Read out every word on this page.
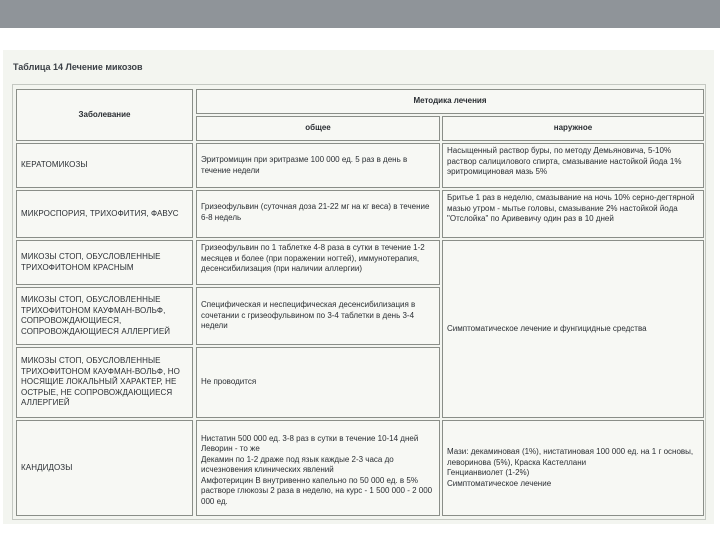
Таблица 14 Лечение микозов
Заболевание
Методика лечения
общее	наружное
КЕРАТОМИКОЗЫ
Эритромицин при эритразме 100 000 ед. 5 раз в день в течение недели
Насыщенный раствор буры, по методу Демьяновича, 5-10% раствор салицилового спирта, смазывание настойкой йода 1% эритромициновая мазь 5%
МИКРОСПОРИЯ, ТРИХОФИТИЯ, ФАВУС
Гризеофульвин (суточная доза 21-22 мг на кг веса) в течение 6-8 недель
Бритье 1 раз в неделю, смазывание на ночь 10% серно-дегтярной мазью утром - мытье головы, смазывание 2% настойкой йода "Отслойка" по Аривевичу один раз в 10 дней
МИКОЗЫ СТОП, ОБУСЛОВЛЕННЫЕ ТРИХОФИТОНОМ КРАСНЫМ
Гризеофульвин по 1 таблетке 4-8 раза в сутки в течение 1-2 месяцев и более (при поражении ногтей), иммунотерапия, десенсибилизация (при наличии аллергии)
МИКОЗЫ СТОП, ОБУСЛОВЛЕННЫЕ ТРИХОФИТОНОМ КАУФМАН-ВОЛЬФ, СОПРОВОЖДАЮЩИЕСЯ, СОПРОВОЖДАЮЩИЕСЯ АЛЛЕРГИЕЙ
Специфическая и неспецифическая десенсибилизация в сочетании с гризеофульвином по 3-4 таблетки в день 3-4 недели	Симптоматическое лечение и фунгицидные средства
МИКОЗЫ СТОП, ОБУСЛОВЛЕННЫЕ ТРИХОФИТОНОМ КАУФМАН-ВОЛЬФ, НО НОСЯЩИЕ ЛОКАЛЬНЫЙ ХАРАКТЕР, НЕ ОСТРЫЕ, НЕ СОПРОВОЖДАЮЩИЕСЯ АЛЛЕРГИЕЙ
Не проводится
КАНДИДОЗЫ

Нистатин 500 000 ед. 3-8 раз в сутки в течение 10-14 дней
Леворин - то же
Декамин по 1-2 драже под язык каждые 2-3 часа до исчезновения клинических явлений
Амфотерицин В внутривенно капельно по 50 000 ед. в 5% растворе глюкозы 2 раза в неделю, на курс - 1 500 000 - 2 000 000 ед.

Мази: декаминовая (1%), нистатиновая 100 000 ед. на 1 г основы, леворинова (5%), Краска Кастеллани
Генцианвиолет (1-2%)
Симптоматическое лечение
